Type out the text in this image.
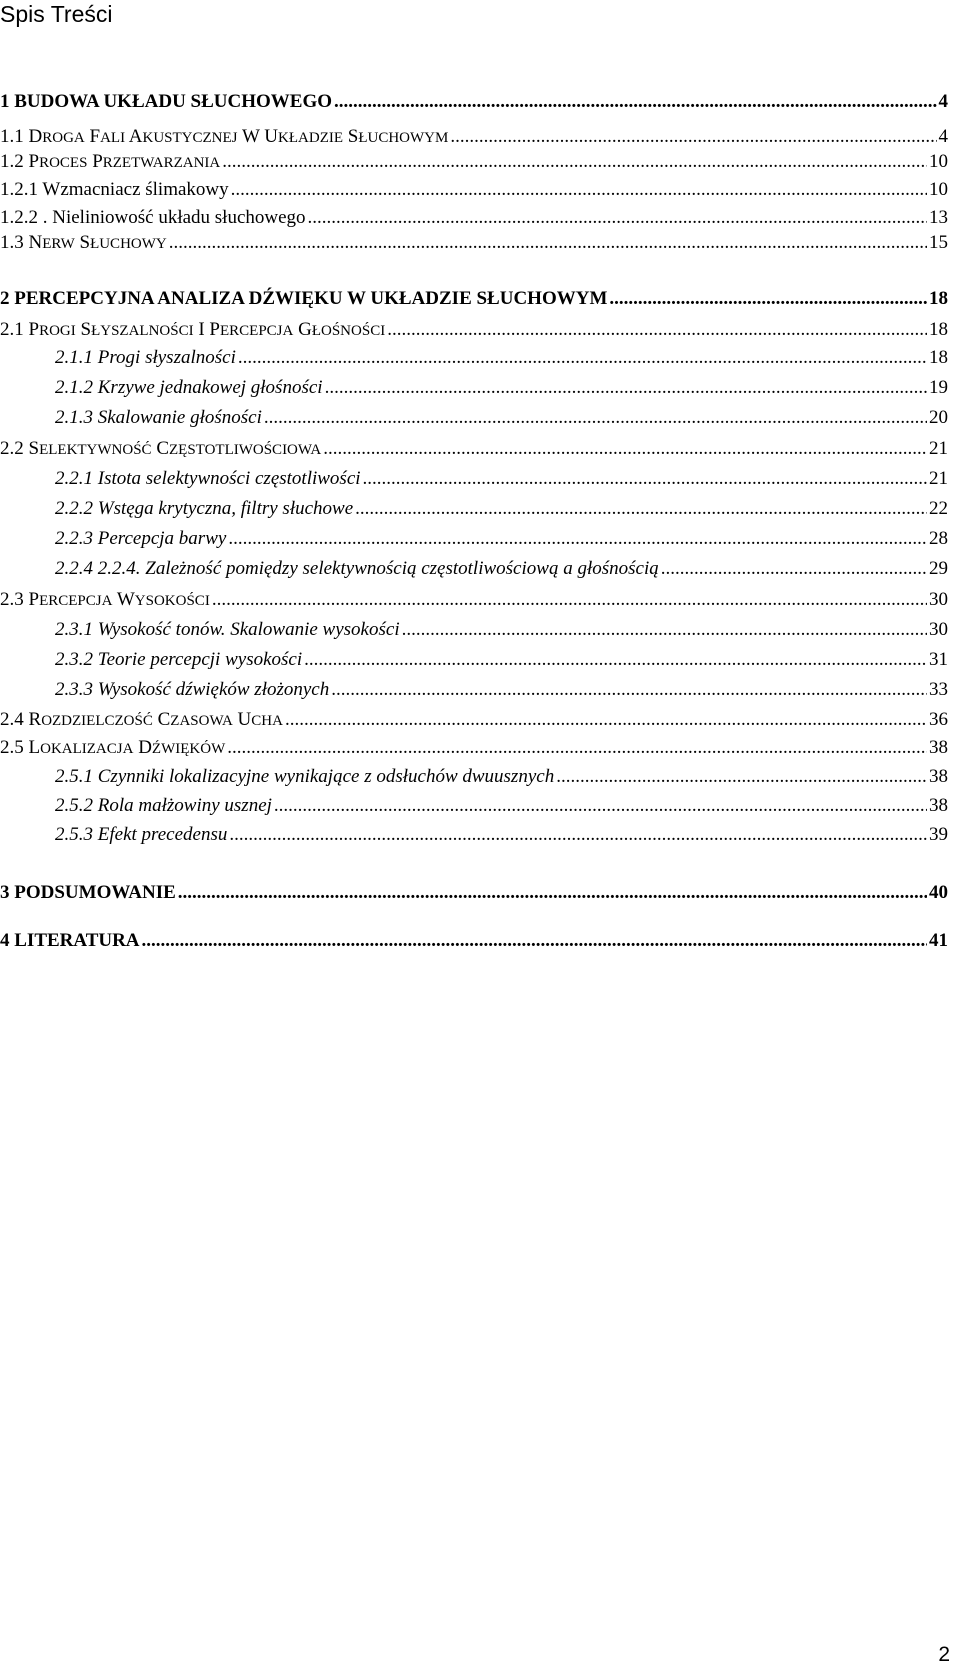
Spis Treści
1 BUDOWA UKŁADU SŁUCHOWEGO .....	4
1.1 DROGA FALI AKUSTYCZNEJ W UKŁADZIE SŁUCHOWYM .....	4
1.2 PROCES PRZETWARZANIA .....	10
1.2.1 Wzmacniacz ślimakowy .....	10
1.2.2 . Nieliniowość układu słuchowego .....	13
1.3 NERW SŁUCHOWY .....	15
2 PERCEPCYJNA ANALIZA DŹWIĘKU W UKŁADZIE SŁUCHOWYM .....	18
2.1 PROGI SŁYSZALNOŚCI I PERCEPCJA GŁOŚNOŚCI .....	18
2.1.1 Progi słyszalności .....	18
2.1.2 Krzywe jednakowej głośności .....	19
2.1.3 Skalowanie głośności .....	20
2.2 SELEKTYWNOŚĆ CZĘSTOTLIWOŚCIOWA .....	21
2.2.1 Istota selektywności częstotliwości .....	21
2.2.2 Wstęga krytyczna, filtry słuchowe .....	22
2.2.3 Percepcja barwy .....	28
2.2.4 2.2.4. Zależność pomiędzy selektywnością częstotliwościową a głośnością .....	29
2.3 PERCEPCJA WYSOKOŚCI .....	30
2.3.1 Wysokość tonów. Skalowanie wysokości .....	30
2.3.2 Teorie percepcji wysokości .....	31
2.3.3 Wysokość dźwięków złożonych .....	33
2.4 ROZDZIELCZOŚĆ CZASOWA UCHA .....	36
2.5 LOKALIZACJA DŹWIĘKÓW .....	38
2.5.1 Czynniki lokalizacyjne wynikające z odsłuchów dwuusznych .....	38
2.5.2 Rola małżowiny usznej .....	38
2.5.3 Efekt precedensu .....	39
3 PODSUMOWANIE .....	40
4 LITERATURA .....	41
2
